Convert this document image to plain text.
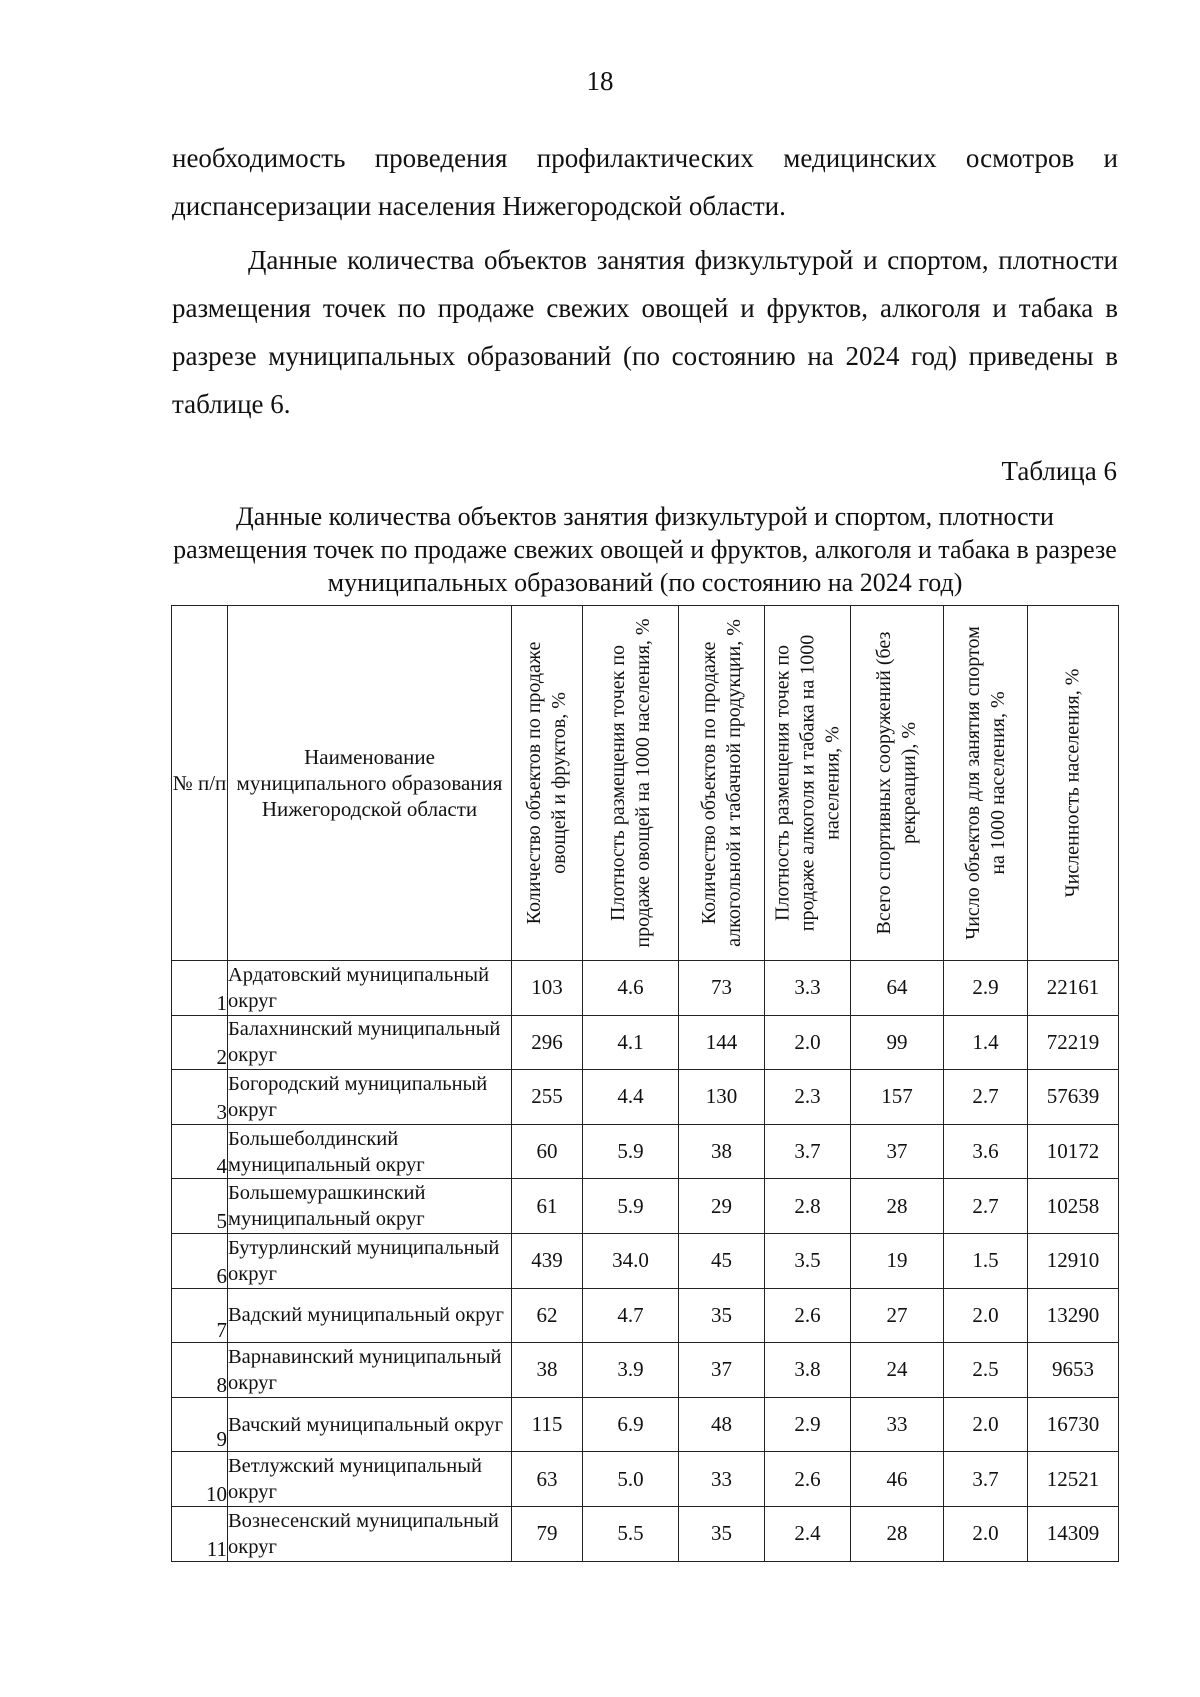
18

необходимость проведения профилактических медицинских осмотров и диспансеризации населения Нижегородской области.

Данные количества объектов занятия физкультурой и спортом, плотности размещения точек по продаже свежих овощей и фруктов, алкоголя и табака в разрезе муниципальных образований (по состоянию на 2024 год) приведены в таблице 6.

Таблица 6

Данные количества объектов занятия физкультурой и спортом, плотности размещения точек по продаже свежих овощей и фруктов, алкоголя и табака в разрезе муниципальных образований (по состоянию на 2024 год)

№ п/п	Наименование муниципального образования Нижегородской области	Количество объектов по продаже овощей и фруктов, %	Плотность размещения точек по продаже овощей на 1000 населения, %	Количество объектов по продаже алкогольной и табачной продукции, %	Плотность размещения точек по продаже алкоголя и табака на 1000 населения, %	Всего спортивных сооружений (без рекреации), %	Число объектов для занятия спортом на 1000 населения, %	Численность населения, %

1	Ардатовский муниципальный округ	103	4.6	73	3.3	64	2.9	22161
2	Балахнинский муниципальный округ	296	4.1	144	2.0	99	1.4	72219
3	Богородский муниципальный округ	255	4.4	130	2.3	157	2.7	57639
4	Большеболдинский муниципальный округ	60	5.9	38	3.7	37	3.6	10172
5	Большемурашкинский муниципальный округ	61	5.9	29	2.8	28	2.7	10258
6	Бутурлинский муниципальный округ	439	34.0	45	3.5	19	1.5	12910
7	Вадский муниципальный округ	62	4.7	35	2.6	27	2.0	13290
8	Варнавинский муниципальный округ	38	3.9	37	3.8	24	2.5	9653
9	Вачский муниципальный округ	115	6.9	48	2.9	33	2.0	16730
10	Ветлужский муниципальный округ	63	5.0	33	2.6	46	3.7	12521
11	Вознесенский муниципальный округ	79	5.5	35	2.4	28	2.0	14309
